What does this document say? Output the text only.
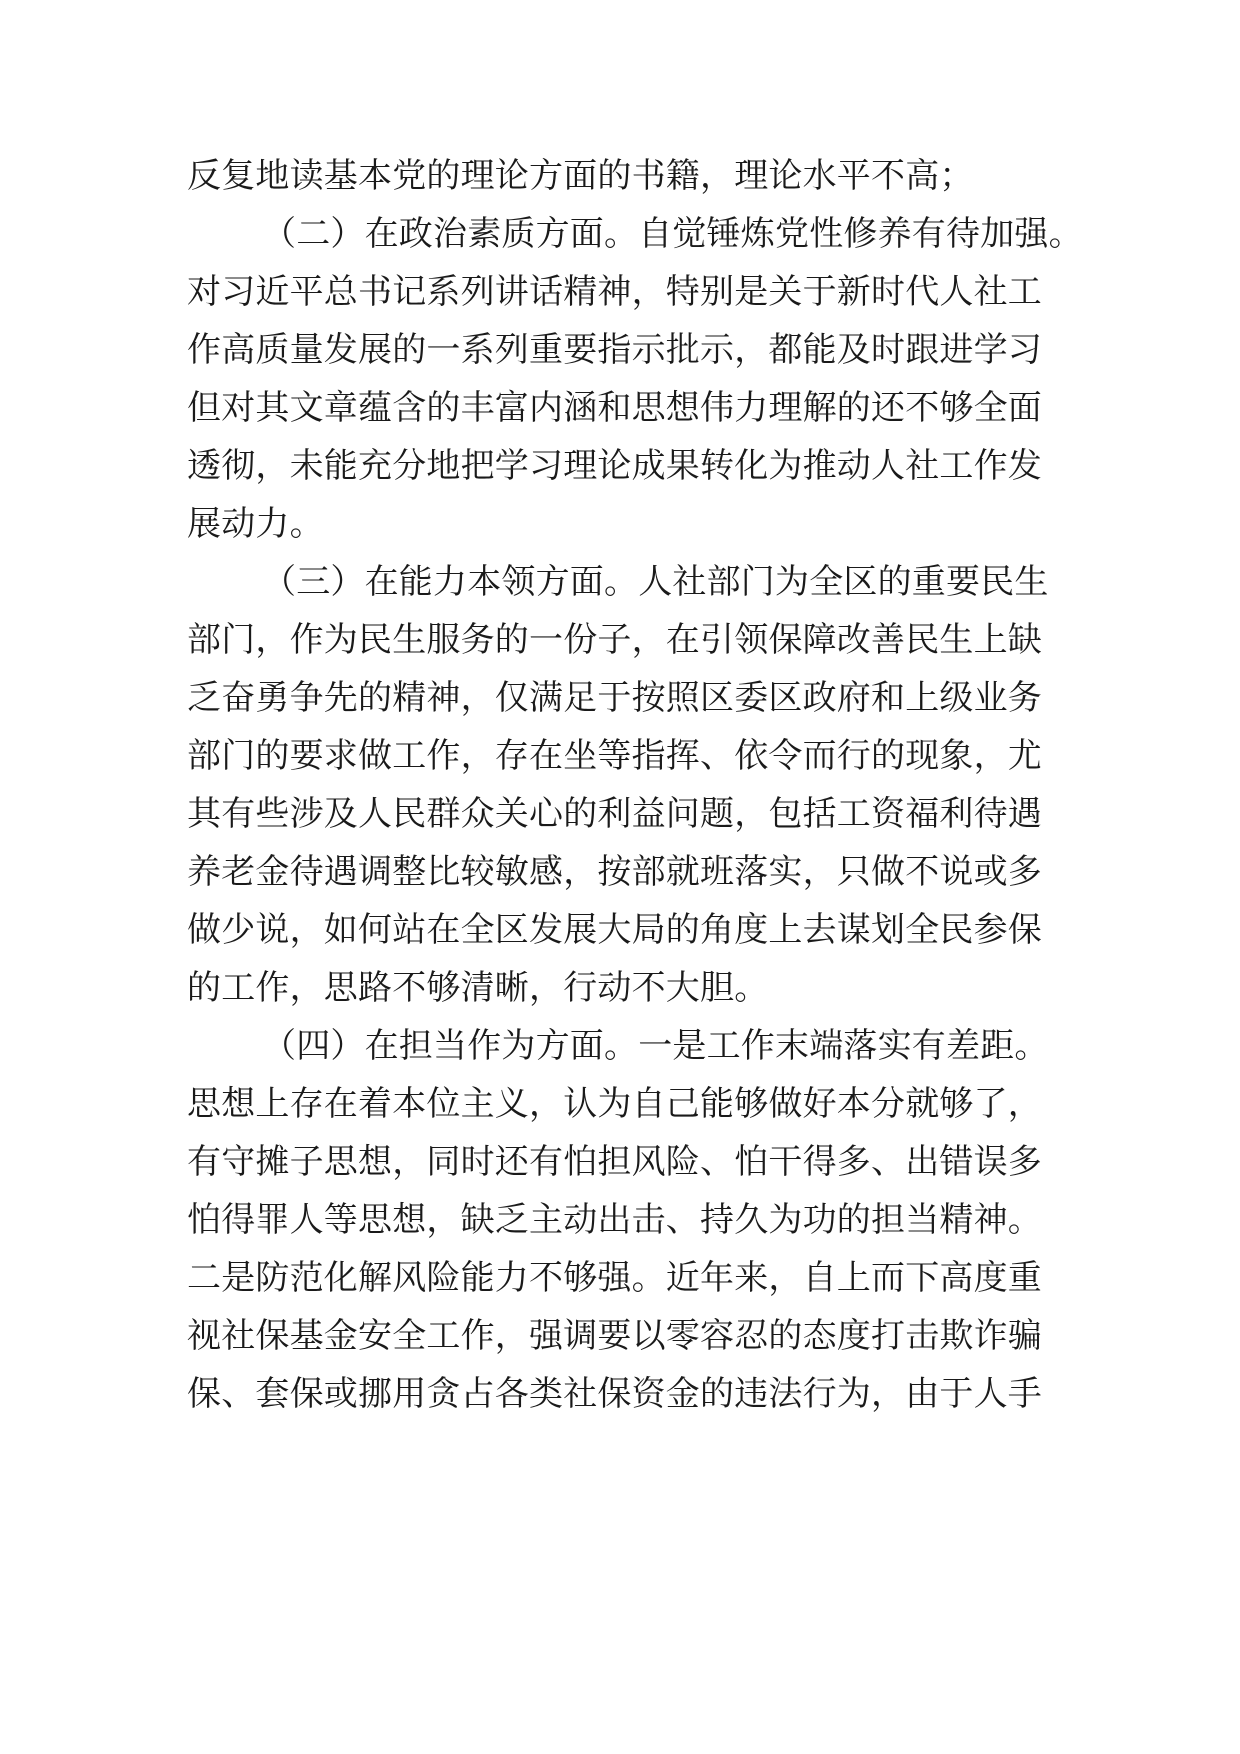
反复地读基本党的理论方面的书籍，理论水平不高；
（二）在政治素质方面。自觉锤炼党性修养有待加强。
对习近平总书记系列讲话精神，特别是关于新时代人社工
作高质量发展的一系列重要指示批示，都能及时跟进学习
但对其文章蕴含的丰富内涵和思想伟力理解的还不够全面
透彻，未能充分地把学习理论成果转化为推动人社工作发
展动力。
（三）在能力本领方面。人社部门为全区的重要民生
部门，作为民生服务的一份子，在引领保障改善民生上缺
乏奋勇争先的精神，仅满足于按照区委区政府和上级业务
部门的要求做工作，存在坐等指挥、依令而行的现象，尤
其有些涉及人民群众关心的利益问题，包括工资福利待遇
养老金待遇调整比较敏感，按部就班落实，只做不说或多
做少说，如何站在全区发展大局的角度上去谋划全民参保
的工作，思路不够清晰，行动不大胆。
（四）在担当作为方面。一是工作末端落实有差距。
思想上存在着本位主义，认为自己能够做好本分就够了，
有守摊子思想，同时还有怕担风险、怕干得多、出错误多
怕得罪人等思想，缺乏主动出击、持久为功的担当精神。
二是防范化解风险能力不够强。近年来，自上而下高度重
视社保基金安全工作，强调要以零容忍的态度打击欺诈骗
保、套保或挪用贪占各类社保资金的违法行为，由于人手
